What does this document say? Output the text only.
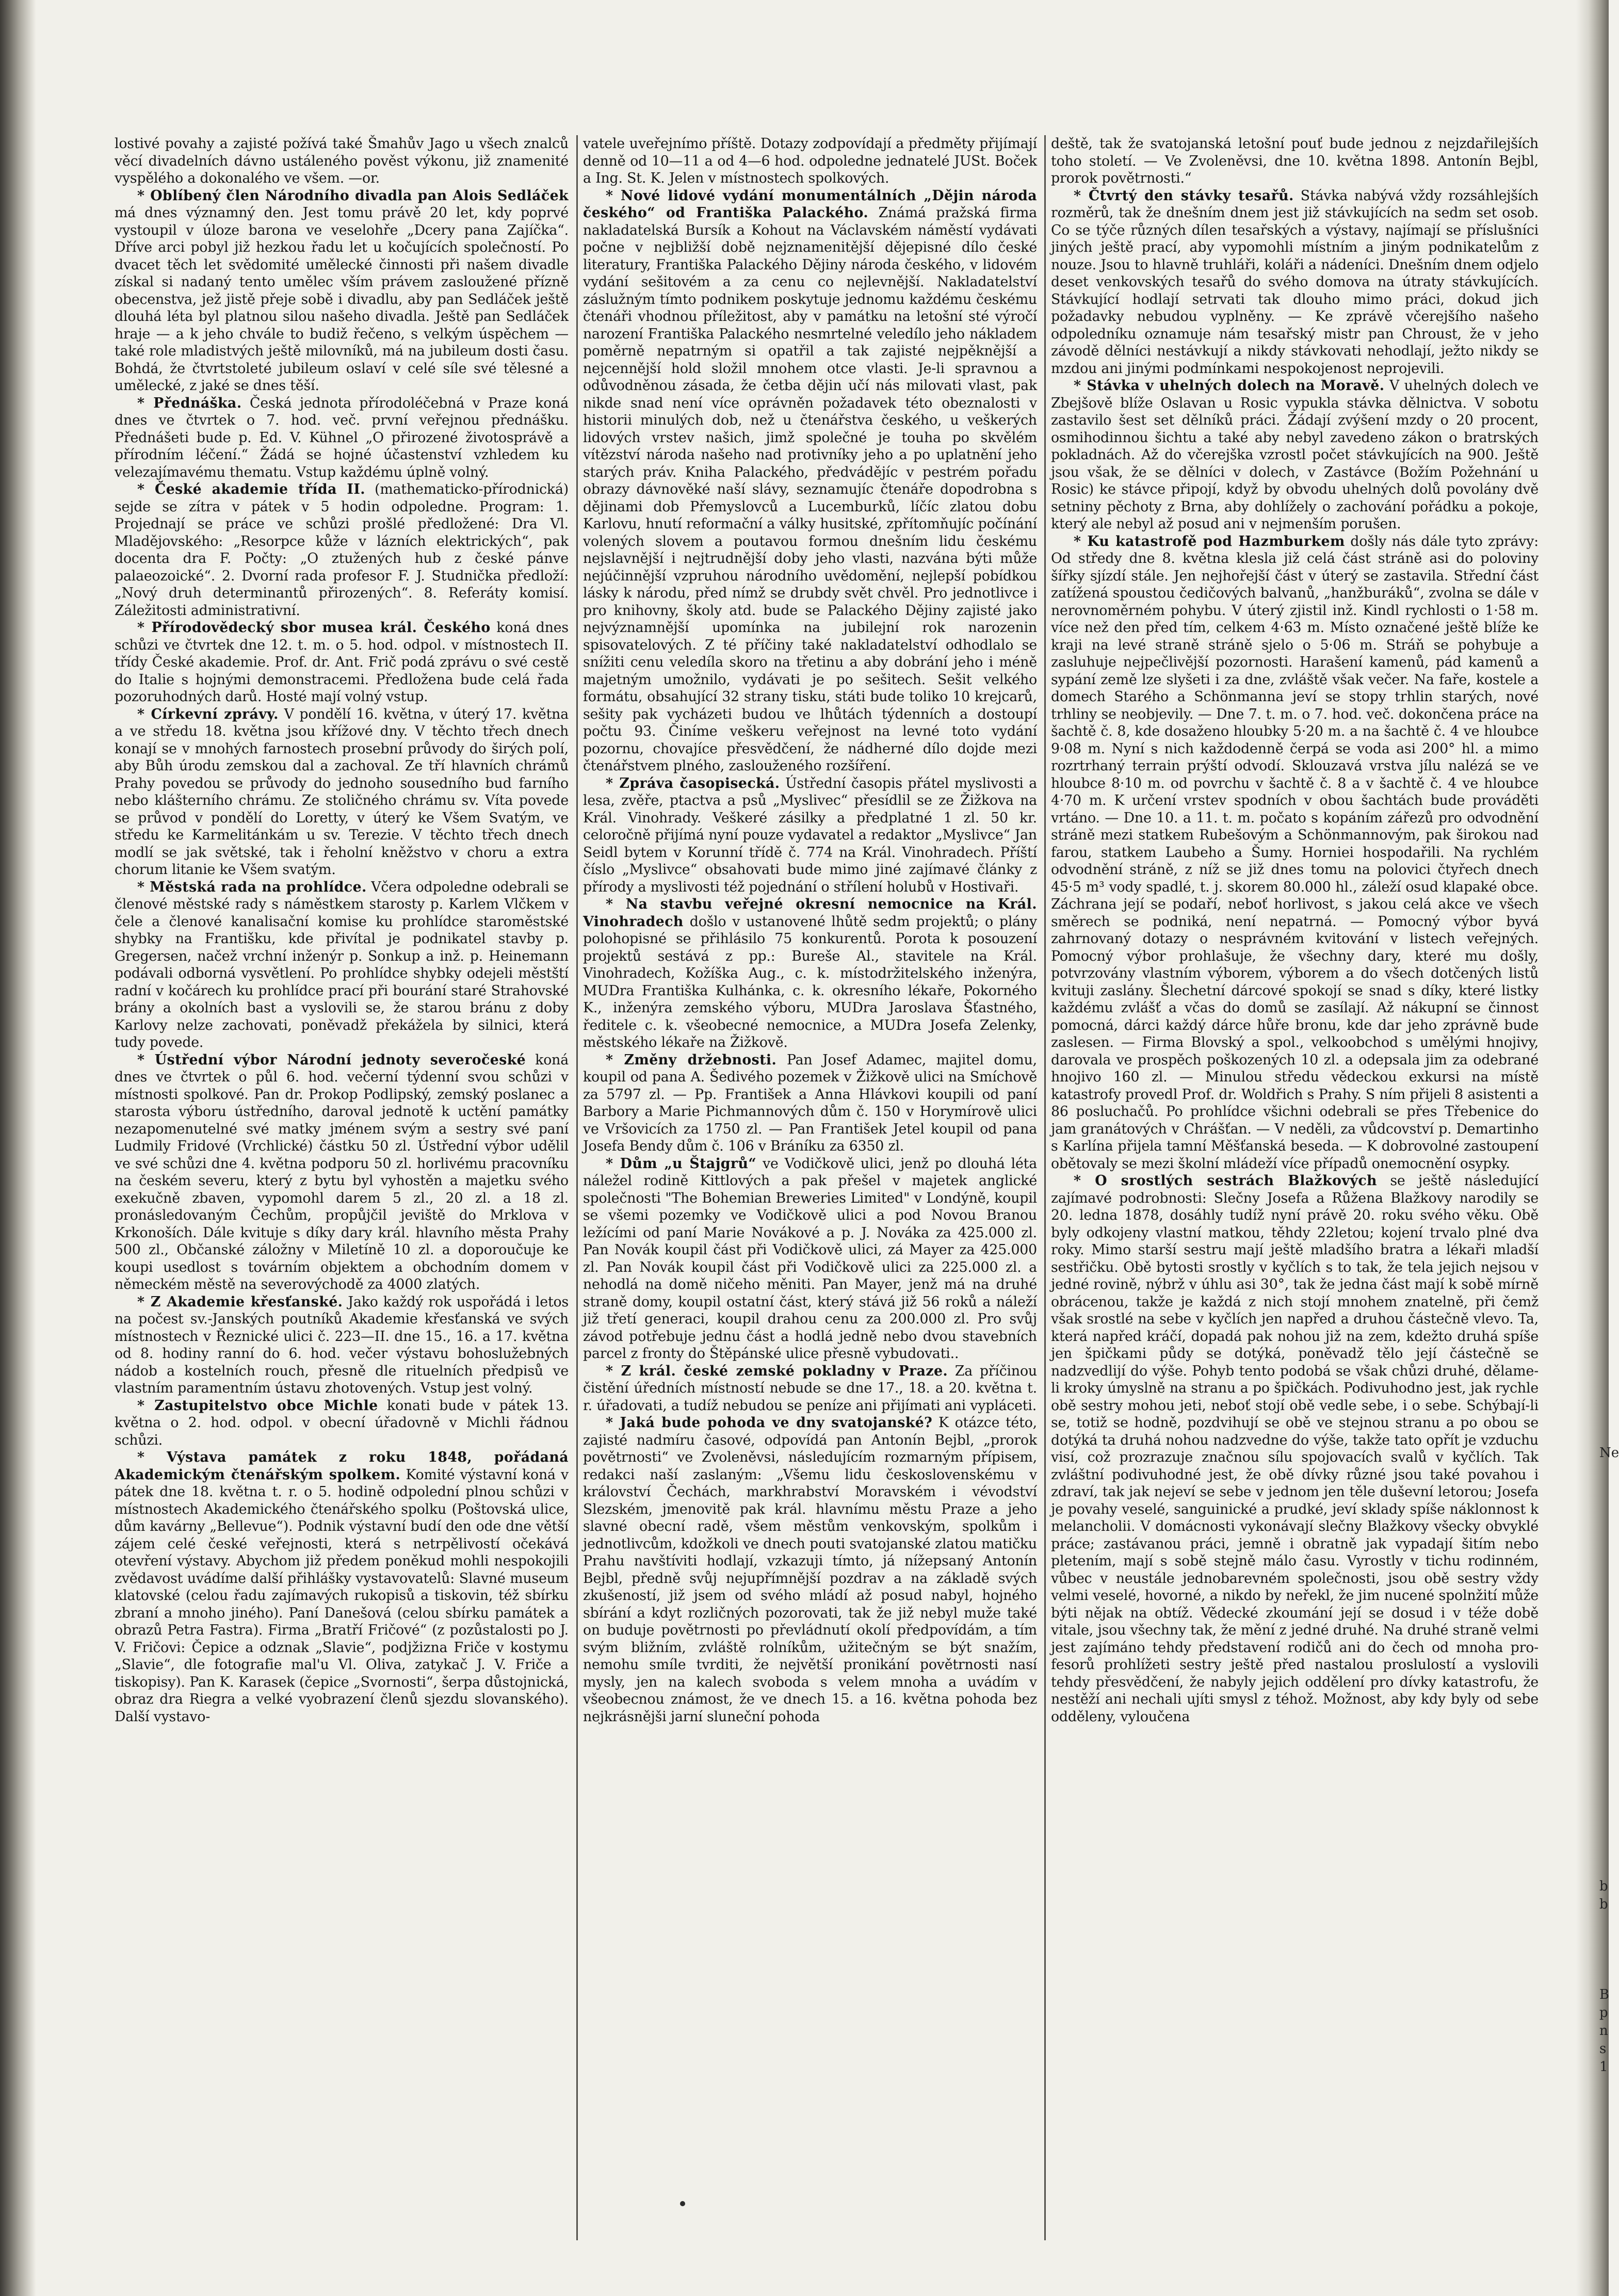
lostivé povahy a zajisté požívá také Šmahův Jago u všech znalců věcí divadelních dávno ustáleného pověst výkonu, již znamenité vyspělého a dokonalého ve všem. —or.

* Oblíbený člen Národního divadla pan Alois Sedláček má dnes významný den. Jest tomu právě 20 let, kdy poprvé vystoupil v úloze barona ve veselohře „Dcery pana Zajíčka“. Dříve arci pobyl již hezkou řadu let u kočujících společností. Po dvacet těch let svědomité umělecké činnosti při našem divadle získal si nadaný tento umělec vším právem zasloužené přízně obecenstva, jež jistě přeje sobě i divadlu, aby pan Sedláček ještě dlouhá léta byl platnou silou našeho divadla. Ještě pan Sedláček hraje — a k jeho chvále to budiž řečeno, s velkým úspěchem — také role mladistvých ještě milovníků, má na jubileum dosti času. Bohdá, že čtvrtstoleté jubileum oslaví v celé síle své tělesné a umělecké, z jaké se dnes těší.

* Přednáška. Česká jednota přírodoléčebná v Praze koná dnes ve čtvrtek o 7. hod. več. první veřejnou přednášku. Přednášeti bude p. Ed. V. Kühnel „O přirozené životosprávě a přírodním léčení.“ Žádá se hojné účastenství vzhledem ku velezajímavému thematu. Vstup každému úplně volný.

* České akademie třída II. (mathematicko-přírodnická) sejde se zítra v pátek v 5 hodin odpoledne. Program: 1. Projednají se práce ve schůzi prošlé předložené: Dra Vl. Mladějovského: „Resorpce kůže v lázních elektrických“, pak docenta dra F. Počty: „O ztužených hub z české pánve palaeozoické“. 2. Dvorní rada profesor F. J. Studnička předloží: „Nový druh determinantů přirozených“. 8. Referáty komisí. Záležitosti administrativní.

* Přírodovědecký sbor musea král. Českého koná dnes schůzi ve čtvrtek dne 12. t. m. o 5. hod. odpol. v místnostech II. třídy České akademie. Prof. dr. Ant. Frič podá zprávu o své cestě do Italie s hojnými demonstracemi. Předložena bude celá řada pozoruhodných darů. Hosté mají volný vstup.

* Církevní zprávy. V pondělí 16. května, v úterý 17. května a ve středu 18. května jsou křížové dny. V těchto třech dnech konají se v mnohých farnostech prosební průvody do širých polí, aby Bůh úrodu zemskou dal a zachoval. Ze tří hlavních chrámů Prahy povedou se průvody do jednoho sousedního bud farního nebo klášterního chrámu. Ze stoličného chrámu sv. Víta povede se průvod v pondělí do Loretty, v úterý ke Všem Svatým, ve středu ke Karmelitánkám u sv. Terezie. V těchto třech dnech modlí se jak světské, tak i řeholní kněžstvo v choru a extra chorum litanie ke Všem svatým.

* Městská rada na prohlídce. Včera odpoledne odebrali se členové městské rady s náměstkem starosty p. Karlem Vlčkem v čele a členové kanalisační komise ku prohlídce staroměstské shybky na Františku, kde přivítal je podnikatel stavby p. Gregersen, načež vrchní inženýr p. Sonkup a inž. p. Heinemann podávali odborná vysvětlení. Po prohlídce shybky odejeli městští radní v kočárech ku prohlídce prací při bourání staré Strahovské brány a okolních bast a vyslovili se, že starou bránu z doby Karlovy nelze zachovati, poněvadž překážela by silnici, která tudy povede.

* Ústřední výbor Národní jednoty severočeské koná dnes ve čtvrtek o půl 6. hod. večerní týdenní svou schůzi v místnosti spolkové. Pan dr. Prokop Podlipský, zemský poslanec a starosta výboru ústředního, daroval jednotě k uctění památky nezapomenutelné své matky jménem svým a sestry své paní Ludmily Fridové (Vrchlické) částku 50 zl. Ústřední výbor udělil ve své schůzi dne 4. května podporu 50 zl. horlivému pracovníku na českém severu, který z bytu byl vyhostěn a majetku svého exekučně zbaven, vypomohl darem 5 zl., 20 zl. a 18 zl. pronásledovaným Čechům, propůjčil jeviště do Mrklova v Krkonoších. Dále kvituje s díky dary král. hlavního města Prahy 500 zl., Občanské záložny v Miletíně 10 zl. a doporoučuje ke koupi usedlost s továrním objektem a obchodním domem v německém městě na severovýchodě za 4000 zlatých.

* Z Akademie křesťanské. Jako každý rok uspořádá i letos na počest sv.-Janských poutníků Akademie křesťanská ve svých místnostech v Řeznické ulici č. 223—II. dne 15., 16. a 17. května od 8. hodiny ranní do 6. hod. večer výstavu bohoslužebných nádob a kostelních rouch, přesně dle rituelních předpisů ve vlastním paramentním ústavu zhotovených. Vstup jest volný.

* Zastupitelstvo obce Michle konati bude v pátek 13. května o 2. hod. odpol. v obecní úřadovně v Michli řádnou schůzi.

* Výstava památek z roku 1848, pořádaná Akademickým čtenářským spolkem. Komité výstavní koná v pátek dne 18. května t. r. o 5. hodině odpolední plnou schůzi v místnostech Akademického čtenářského spolku (Poštovská ulice, dům kavárny „Bellevue“). Podnik výstavní budí den ode dne větší zájem celé české veřejnosti, která s netrpělivostí očekává otevření výstavy. Abychom již předem poněkud mohli nespokojili zvědavost uvádíme další přihlášky vystavovatelů: Slavné museum klatovské (celou řadu zajímavých rukopisů a tiskovin, též sbírku zbraní a mnoho jiného). Paní Danešová (celou sbírku památek a obrazů Petra Fastra). Firma „Bratří Fričové“ (z pozůstalosti po J. V. Fričovi: Čepice a odznak „Slavie“, podjžizna Friče v kostymu „Slavie“, dle fotografie mal'u Vl. Oliva, zatykač J. V. Friče a tiskopisy). Pan K. Karasek (čepice „Svornosti“, šerpa důstojnická, obraz dra Riegra a velké vyobrazení členů sjezdu slovanského). Další vystavo-

vatele uveřejnímo příště. Dotazy zodpovídají a předměty přijímají denně od 10—11 a od 4—6 hod. odpoledne jednatelé JUSt. Boček a Ing. St. K. Jelen v místnostech spolkových.

* Nové lidové vydání monumentálních „Dějin národa českého“ od Františka Palackého. Známá pražská firma nakladatelská Bursík a Kohout na Václavském náměstí vydávati počne v nejbližší době nejznamenitější dějepisné dílo české literatury, Františka Palackého Dějiny národa českého, v lidovém vydání sešitovém a za cenu co nejlevnější. Nakladatelství záslužným tímto podnikem poskytuje jednomu každému českému čtenáři vhodnou příležitost, aby v památku na letošní sté výročí narození Františka Palackého nesmrtelné veledílo jeho nákladem poměrně nepatrným si opatřil a tak zajisté nejpěknější a nejcennější hold složil mnohem otce vlasti. Je-li spravnou a odůvodněnou zásada, že četba dějin učí nás milovati vlast, pak nikde snad není více oprávněn požadavek této obeznalosti v historii minulých dob, než u čtenářstva českého, u veškerých lidových vrstev našich, jimž společné je touha po skvělém vítězství národa našeho nad protivníky jeho a po uplatnění jeho starých práv. Kniha Palackého, předvádějíc v pestrém pořadu obrazy dávnověké naší slávy, seznamujíc čtenáře dopodrobna s dějinami dob Přemyslovců a Lucemburků, líčíc zlatou dobu Karlovu, hnutí reformační a války husitské, zpřítomňujíc počínání volených slovem a poutavou formou dnešním lidu českému nejslavnější i nejtrudnější doby jeho vlasti, nazvána býti může nejúčinnější vzpruhou národního uvědomění, nejlepší pobídkou lásky k národu, před nímž se drubdy svět chvěl. Pro jednotlivce i pro knihovny, školy atd. bude se Palackého Dějiny zajisté jako nejvýznamnější upomínka na jubilejní rok narozenin spisovatelových. Z té příčiny také nakladatelství odhodlalo se snížiti cenu veledíla skoro na třetinu a aby dobrání jeho i méně majetným umožnilo, vydávati je po sešitech. Sešit velkého formátu, obsahující 32 strany tisku, státi bude toliko 10 krejcarů, sešity pak vycházeti budou ve lhůtách týdenních a dostoupí počtu 93. Činíme veškeru veřejnost na levné toto vydání pozornu, chovajíce přesvědčení, že nádherné dílo dojde mezi čtenářstvem plného, zaslouženého rozšíření.

* Zpráva časopisecká. Ústřední časopis přátel myslivosti a lesa, zvěře, ptactva a psů „Myslivec“ přesídlil se ze Žižkova na Král. Vinohrady. Veškeré zásilky a předplatné 1 zl. 50 kr. celoročně přijímá nyní pouze vydavatel a redaktor „Myslivce“ Jan Seidl bytem v Korunní třídě č. 774 na Král. Vinohradech. Příští číslo „Myslivce“ obsahovati bude mimo jiné zajímavé články z přírody a myslivosti též pojednání o střílení holubů v Hostivaři.

* Na stavbu veřejné okresní nemocnice na Král. Vinohradech došlo v ustanovené lhůtě sedm projektů; o plány polohopisné se přihlásilo 75 konkurentů. Porota k posouzení projektů sestává z pp.: Bureše Al., stavitele na Král. Vinohradech, Kožíška Aug., c. k. místodržitelského inženýra, MUDra Františka Kulhánka, c. k. okresního lékaře, Pokorného K., inženýra zemského výboru, MUDra Jaroslava Šťastného, ředitele c. k. všeobecné nemocnice, a MUDra Josefa Zelenky, městského lékaře na Žižkově.

* Změny držebnosti. Pan Josef Adamec, majitel domu, koupil od pana A. Šedivého pozemek v Žižkově ulici na Smíchově za 5797 zl. — Pp. František a Anna Hlávkovi koupili od paní Barbory a Marie Pichmannových dům č. 150 v Horymírově ulici ve Vršovicích za 1750 zl. — Pan František Jetel koupil od pana Josefa Bendy dům č. 106 v Bráníku za 6350 zl.

* Dům „u Štajgrů“ ve Vodičkově ulici, jenž po dlouhá léta náležel rodině Kittlových a pak přešel v majetek anglické společnosti "The Bohemian Breweries Limited" v Londýně, koupil se všemi pozemky ve Vodičkově ulici a pod Novou Branou ležícími od paní Marie Novákové a p. J. Nováka za 425.000 zl. Pan Novák koupil část při Vodičkově ulici, zá Mayer za 425.000 zl. Pan Novák koupil část při Vodičkově ulici za 225.000 zl. a nehodlá na domě ničeho měniti. Pan Mayer, jenž má na druhé straně domy, koupil ostatní část, který stává již 56 roků a náleží již třetí generaci, koupil drahou cenu za 200.000 zl. Pro svůj závod potřebuje jednu část a hodlá jedně nebo dvou stavebních parcel z fronty do Štěpánské ulice přesně vybudovati..

* Z král. české zemské pokladny v Praze. Za příčinou čistění úředních místností nebude se dne 17., 18. a 20. května t. r. úřadovati, a tudíž nebudou se peníze ani přijímati ani vypláceti.

* Jaká bude pohoda ve dny svatojanské? K otázce této, zajisté nadmíru časové, odpovídá pan Antonín Bejbl, „prorok povětrnosti“ ve Zvoleněvsi, následujícím rozmarným přípisem, redakci naší zaslaným: „Všemu lidu československému v království Čechách, markhrabství Moravském i vévodství Slezském, jmenovitě pak král. hlavnímu městu Praze a jeho slavné obecní radě, všem městům venkovským, spolkům i jednotlivcům, kdožkoli ve dnech pouti svatojanské zlatou matičku Prahu navštíviti hodlají, vzkazuji tímto, já nížepsaný Antonín Bejbl, předně svůj nejupřímnější pozdrav a na základě svých zkušeností, již jsem od svého mládí až posud nabyl, hojného sbírání a kdyt rozličných pozorovati, tak že již nebyl muže také on buduje povětrnosti po převládnutí okolí předpovídám, a tím svým bližním, zvláště rolníkům, užitečným se být snažím, nemohu smíle tvrditi, že největší pronikání povětrnosti nasí mysly, jen na kalech svoboda s velem mnoha a uvádím v všeobecnou známost, že ve dnech 15. a 16. května pohoda bez nejkrásnějši jarní sluneční pohoda

deště, tak že svatojanská letošní pouť bude jednou z nejzdařilejších toho století. — Ve Zvoleněvsi, dne 10. května 1898. Antonín Bejbl, prorok povětrnosti.“

* Čtvrtý den stávky tesařů. Stávka nabývá vždy rozsáhlejších rozměrů, tak že dnešním dnem jest již stávkujících na sedm set osob. Co se týče různých dílen tesařských a výstavy, najímají se příslušníci jiných ještě prací, aby vypomohli místním a jiným podnikatelům z nouze. Jsou to hlavně truhláři, koláři a nádeníci. Dnešním dnem odjelo deset venkovských tesařů do svého domova na útraty stávkujících. Stávkující hodlají setrvati tak dlouho mimo práci, dokud jich požadavky nebudou vyplněny. — Ke zprávě včerejšího našeho odpoledníku oznamuje nám tesařský mistr pan Chroust, že v jeho závodě dělníci nestávkují a nikdy stávkovati nehodlají, ježto nikdy se mzdou ani jinými podmínkami nespokojenost neprojevili.

* Stávka v uhelných dolech na Moravě. V uhelných dolech ve Zbejšově blíže Oslavan u Rosic vypukla stávka dělnictva. V sobotu zastavilo šest set dělníků práci. Žádají zvýšení mzdy o 20 procent, osmihodinnou šichtu a také aby nebyl zavedeno zákon o bratrských pokladnách. Až do včerejška vzrostl počet stávkujících na 900. Ještě jsou však, že se dělníci v dolech, v Zastávce (Božím Požehnání u Rosic) ke stávce připojí, když by obvodu uhelných dolů povolány dvě setniny pěchoty z Brna, aby dohlížely o zachování pořádku a pokoje, který ale nebyl až posud ani v nejmenším porušen.

* Ku katastrofě pod Hazmburkem došly nás dále tyto zprávy: Od středy dne 8. května klesla již celá část stráně asi do poloviny šířky sjízdí stále. Jen nejhořejší část v úterý se zastavila. Střední část zatížená spoustou čedičových balvanů, „hanžburáků“, zvolna se dále v nerovnoměrném pohybu. V úterý zjistil inž. Kindl rychlosti o 1·58 m. více než den před tím, celkem 4·63 m. Místo označené ještě blíže ke kraji na levé straně stráně sjelo o 5·06 m. Stráň se pohybuje a zasluhuje nejpečlivější pozornosti. Harašení kamenů, pád kamenů a sypání země lze slyšeti i za dne, zvláště však večer. Na faře, kostele a domech Starého a Schönmanna jeví se stopy trhlin starých, nové trhliny se neobjevily. — Dne 7. t. m. o 7. hod. več. dokončena práce na šachtě č. 8, kde dosaženo hloubky 5·20 m. a na šachtě č. 4 ve hloubce 9·08 m. Nyní s nich každodenně čerpá se voda asi 200° hl. a mimo rozrtrhaný terrain prýští odvodí. Sklouzavá vrstva jílu nalézá se ve hloubce 8·10 m. od povrchu v šachtě č. 8 a v šachtě č. 4 ve hloubce 4·70 m. K určení vrstev spodních v obou šachtách bude prováděti vrtáno. — Dne 10. a 11. t. m. počato s kopáním zářezů pro odvodnění stráně mezi statkem Rubešovým a Schönmannovým, pak širokou nad farou, statkem Laubeho a Šumy. Horniei hospodařili. Na rychlém odvodnění stráně, z níž se již dnes tomu na polovici čtyřech dnech 45·5 m³ vody spadlé, t. j. skorem 80.000 hl., záleží osud klapaké obce. Záchrana její se podaří, neboť horlivost, s jakou celá akce ve všech směrech se podniká, není nepatrná. — Pomocný výbor byvá zahrnovaný dotazy o nesprávném kvitování v listech veřejných. Pomocný výbor prohlašuje, že všechny dary, které mu došly, potvrzovány vlastním výborem, výborem a do všech dotčených listů kvituji zaslány. Šlechetní dárcové spokojí se snad s díky, které listky každému zvlášť a včas do domů se zasílají. Až nákupní se činnost pomocná, dárci každý dárce hůře bronu, kde dar jeho zprávně bude zaslesen. — Firma Blovský a spol., velkoobchod s umělými hnojivy, darovala ve prospěch poškozených 10 zl. a odepsala jim za odebrané hnojivo 160 zl. — Minulou středu vědeckou exkursi na místě katastrofy provedl Prof. dr. Woldřich s Prahy. S ním přijeli 8 asistenti a 86 posluchačů. Po prohlídce všichni odebrali se přes Třebenice do jam granátových v Chrášťan. — V neděli, za vůdcovství p. Demartinho s Karlína přijela tamní Měšťanská beseda. — K dobrovolné zastoupení obětovaly se mezi školní mládeží více případů onemocnění osypky.

* O srostlých sestrách Blažkových se ještě následující zajímavé podrobnosti: Slečny Josefa a Růžena Blažkovy narodily se 20. ledna 1878, dosáhly tudíž nyní právě 20. roku svého věku. Obě byly odkojeny vlastní matkou, těhdy 22letou; kojení trvalo plné dva roky. Mimo starší sestru mají ještě mladšího bratra a lékaři mladší sestřičku. Obě bytosti srostly v kyčlích s to tak, že tela jejich nejsou v jedné rovině, nýbrž v úhlu asi 30°, tak že jedna část mají k sobě mírně obrácenou, takže je každá z nich stojí mnohem znatelně, při čemž však srostlé na sebe v kyčlích jen napřed a druhou částečně vlevo. Ta, která napřed kráčí, dopadá pak nohou již na zem, kdežto druhá spíše jen špičkami půdy se dotýká, poněvadž tělo její částečně se nadzvedlijí do výše. Pohyb tento podobá se však chůzi druhé, dělame-li kroky úmyslně na stranu a po špičkách. Podivuhodno jest, jak rychle obě sestry mohou jeti, neboť stojí obě vedle sebe, i o sebe. Schýbají-li se, totiž se hodně, pozdvihují se obě ve stejnou stranu a po obou se dotýká ta druhá nohou nadzvedne do výše, takže tato opřít je vzduchu visí, což prozrazuje značnou sílu spojovacích svalů v kyčlích. Tak zvláštní podivuhodné jest, že obě dívky různé jsou také povahou i zdraví, tak jak nejeví se sebe v jednom jen těle duševní letorou; Josefa je povahy veselé, sanguinické a prudké, jeví sklady spíše náklonnost k melancholii. V domácnosti vykonávají slečny Blažkovy všecky obvyklé práce; zastávanou práci, jemně i obratně jak vypadají šitím nebo pletením, mají s sobě stejně málo času. Vyrostly v tichu rodinném, vůbec v neustále jednobarevném společnosti, jsou obě sestry vždy velmi veselé, hovorné, a nikdo by neřekl, že jim nucené spolnžití může býti nějak na obtíž. Vědecké zkoumání její se dosud i v téže době vitale, jsou všechny tak, že mění z jedné druhé. Na druhé straně velmi jest zajímáno tehdy představení rodičů ani do čech od mnoha pro-fesorů prohlížeti sestry ještě před nastalou proslulostí a vyslovili tehdy přesvědčení, že nabyly jejich oddělení pro dívky katastrofu, že nestěží ani nechali ujíti smysl z téhož. Možnost, aby kdy byly od sebe odděleny, vyloučena

Ne
b
b
B
p
n
s
1
